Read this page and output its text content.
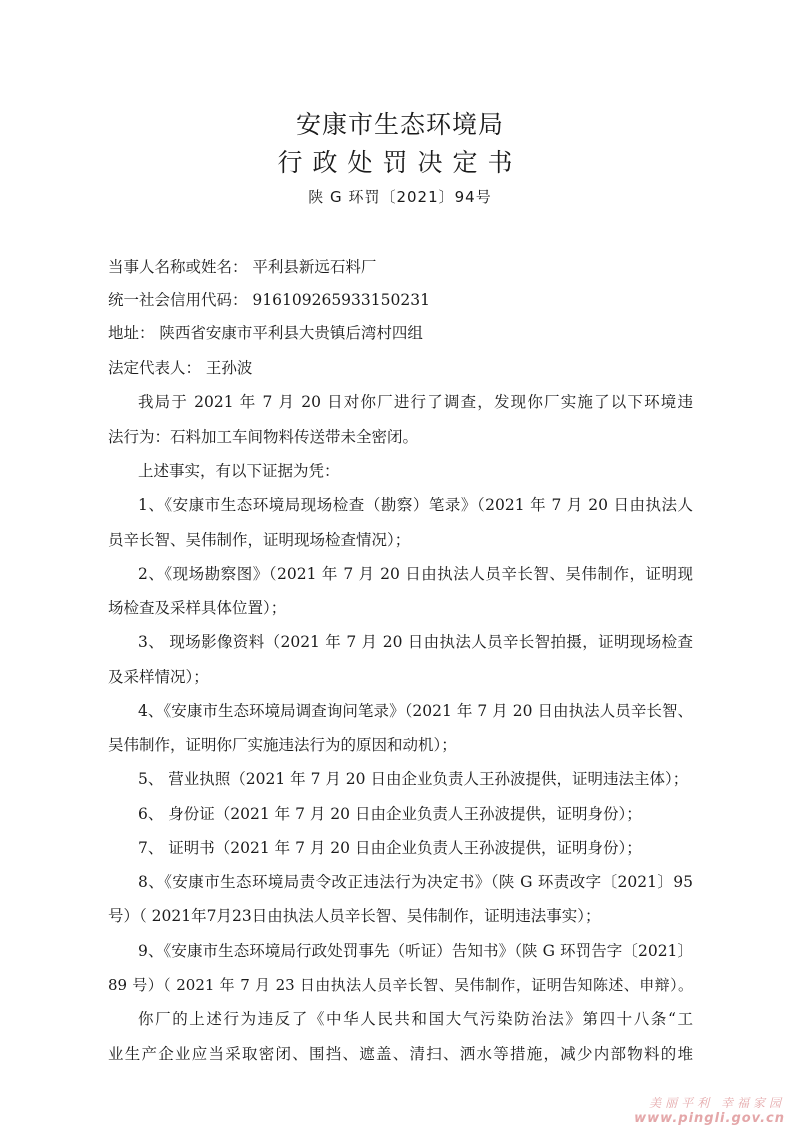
安康市生态环境局
行政处罚决定书
陕 G 环罚〔2021〕94号
当事人名称或姓名： 平利县新远石料厂
统一社会信用代码： 916109265933150231
地址： 陕西省安康市平利县大贵镇后湾村四组
法定代表人： 王孙波
我局于 2021 年 7 月 20 日对你厂进行了调查，发现你厂实施了以下环境违
法行为：石料加工车间物料传送带未全密闭。
上述事实，有以下证据为凭：
1、《安康市生态环境局现场检查（勘察）笔录》（2021 年 7 月 20 日由执法人
员辛长智、吴伟制作，证明现场检查情况）；
2、《现场勘察图》（2021 年 7 月 20 日由执法人员辛长智、吴伟制作，证明现
场检查及采样具体位置）；
3、 现场影像资料（2021 年 7 月 20 日由执法人员辛长智拍摄，证明现场检查
及采样情况）；
4、《安康市生态环境局调查询问笔录》（2021 年 7 月 20 日由执法人员辛长智、
吴伟制作，证明你厂实施违法行为的原因和动机）；
5、 营业执照（2021 年 7 月 20 日由企业负责人王孙波提供，证明违法主体）；
6、 身份证（2021 年 7 月 20 日由企业负责人王孙波提供，证明身份）；
7、 证明书（2021 年 7 月 20 日由企业负责人王孙波提供，证明身份）；
8、《安康市生态环境局责令改正违法行为决定书》（陕 G 环责改字〔2021〕95
号）（ 2021年7月23日由执法人员辛长智、吴伟制作，证明违法事实）；
9、《安康市生态环境局行政处罚事先（听证）告知书》（陕 G 环罚告字〔2021〕
89 号）（ 2021 年 7 月 23 日由执法人员辛长智、吴伟制作，证明告知陈述、申辩）。
你厂的上述行为违反了《中华人民共和国大气污染防治法》第四十八条“工
业生产企业应当采取密闭、围挡、遮盖、清扫、洒水等措施，减少内部物料的堆
美丽平利 幸福家园
www.pingli.gov.cn
